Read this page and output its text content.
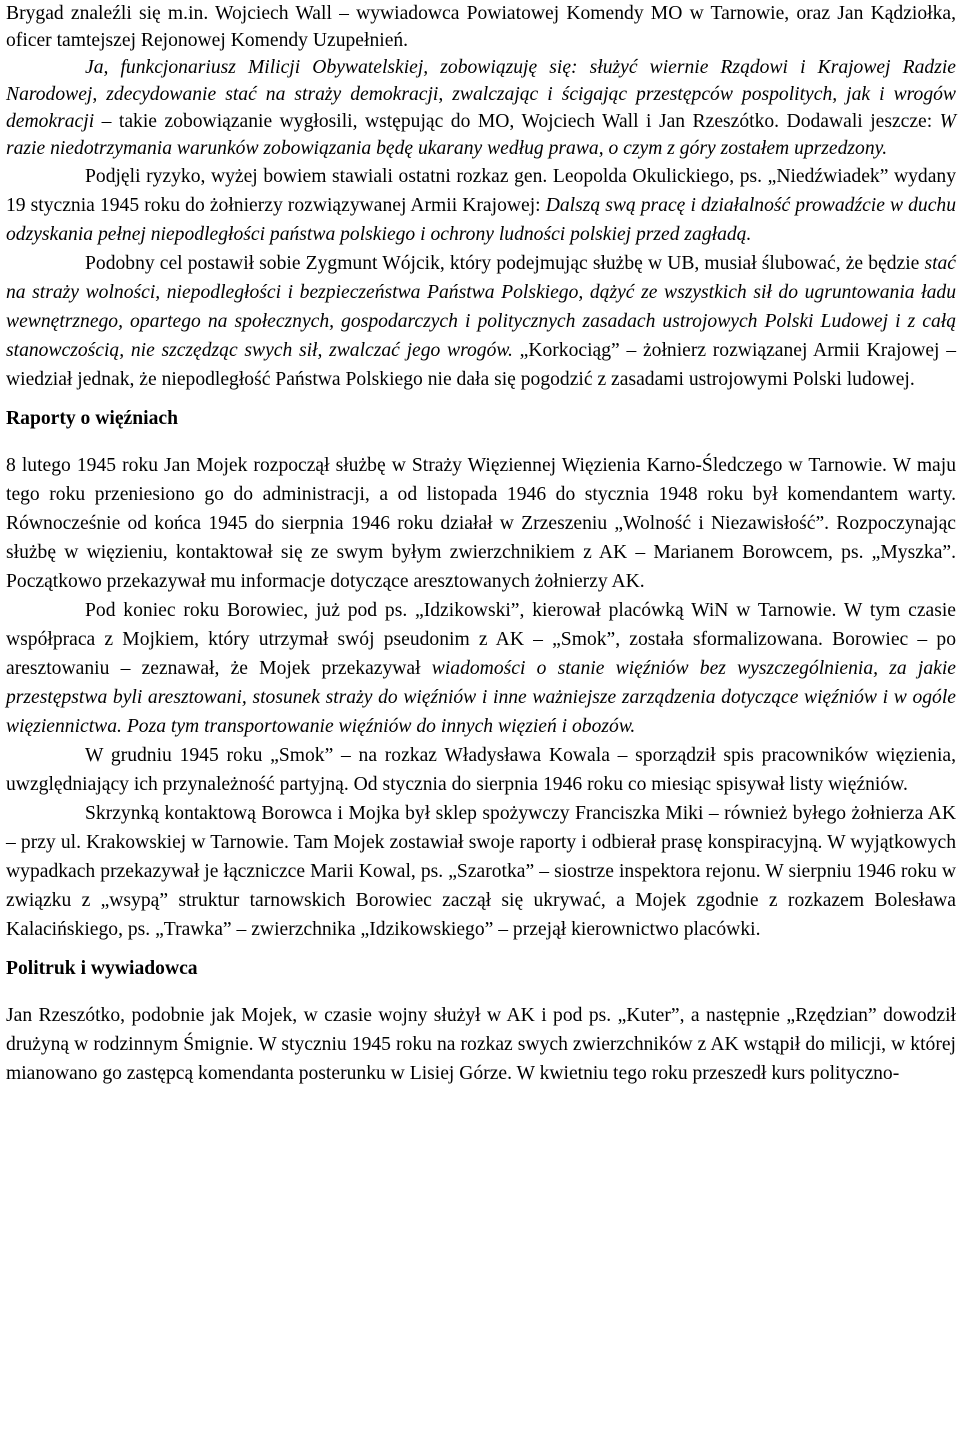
Brygad znaleźli się m.in. Wojciech Wall – wywiadowca Powiatowej Komendy MO w Tarnowie, oraz Jan Kądziołka, oficer tamtejszej Rejonowej Komendy Uzupełnień.

Ja, funkcjonariusz Milicji Obywatelskiej, zobowiązuję się: służyć wiernie Rządowi i Krajowej Radzie Narodowej, zdecydowanie stać na straży demokracji, zwalczając i ścigając przestępców pospolitych, jak i wrogów demokracji – takie zobowiązanie wygłosili, wstępując do MO, Wojciech Wall i Jan Rzeszótko. Dodawali jeszcze: W razie niedotrzymania warunków zobowiązania będę ukarany według prawa, o czym z góry zostałem uprzedzony.

Podjęli ryzyko, wyżej bowiem stawiali ostatni rozkaz gen. Leopolda Okulickiego, ps. „Niedźwiadek” wydany 19 stycznia 1945 roku do żołnierzy rozwiązywanej Armii Krajowej: Dalszą swą pracę i działalność prowadźcie w duchu odzyskania pełnej niepodległości państwa polskiego i ochrony ludności polskiej przed zagładą.

Podobny cel postawił sobie Zygmunt Wójcik, który podejmując służbę w UB, musiał ślubować, że będzie stać na straży wolności, niepodległości i bezpieczeństwa Państwa Polskiego, dążyć ze wszystkich sił do ugruntowania ładu wewnętrznego, opartego na społecznych, gospodarczych i politycznych zasadach ustrojowych Polski Ludowej i z całą stanowczością, nie szczędząc swych sił, zwalczać jego wrogów. „Korkociąg” – żołnierz rozwiązanej Armii Krajowej – wiedział jednak, że niepodległość Państwa Polskiego nie dała się pogodzić z zasadami ustrojowymi Polski ludowej.

Raporty o więźniach

8 lutego 1945 roku Jan Mojek rozpoczął służbę w Straży Więziennej Więzienia Karno-Śledczego w Tarnowie. W maju tego roku przeniesiono go do administracji, a od listopada 1946 do stycznia 1948 roku był komendantem warty. Równocześnie od końca 1945 do sierpnia 1946 roku działał w Zrzeszeniu „Wolność i Niezawisłość”. Rozpoczynając służbę w więzieniu, kontaktował się ze swym byłym zwierzchnikiem z AK – Marianem Borowcem, ps. „Myszka”. Początkowo przekazywał mu informacje dotyczące aresztowanych żołnierzy AK.

Pod koniec roku Borowiec, już pod ps. „Idzikowski”, kierował placówką WiN w Tarnowie. W tym czasie współpraca z Mojkiem, który utrzymał swój pseudonim z AK – „Smok”, została sformalizowana. Borowiec – po aresztowaniu – zeznawał, że Mojek przekazywał wiadomości o stanie więźniów bez wyszczególnienia, za jakie przestępstwa byli aresztowani, stosunek straży do więźniów i inne ważniejsze zarządzenia dotyczące więźniów i w ogóle więziennictwa. Poza tym transportowanie więźniów do innych więzień i obozów.

W grudniu 1945 roku „Smok” – na rozkaz Władysława Kowala – sporządził spis pracowników więzienia, uwzględniający ich przynależność partyjną. Od stycznia do sierpnia 1946 roku co miesiąc spisywał listy więźniów.

Skrzynką kontaktową Borowca i Mojka był sklep spożywczy Franciszka Miki – również byłego żołnierza AK – przy ul. Krakowskiej w Tarnowie. Tam Mojek zostawiał swoje raporty i odbierał prasę konspiracyjną. W wyjątkowych wypadkach przekazywał je łączniczce Marii Kowal, ps. „Szarotka” – siostrze inspektora rejonu. W sierpniu 1946 roku w związku z „wsypą” struktur tarnowskich Borowiec zaczął się ukrywać, a Mojek zgodnie z rozkazem Bolesława Kalacińskiego, ps. „Trawka” – zwierzchnika „Idzikowskiego” – przejął kierownictwo placówki.

Politruk i wywiadowca

Jan Rzeszótko, podobnie jak Mojek, w czasie wojny służył w AK i pod ps. „Kuter”, a następnie „Rzędzian” dowodził drużyną w rodzinnym Śmignie. W styczniu 1945 roku na rozkaz swych zwierzchników z AK wstąpił do milicji, w której mianowano go zastępcą komendanta posterunku w Lisiej Górze. W kwietniu tego roku przeszedł kurs polityczno-
